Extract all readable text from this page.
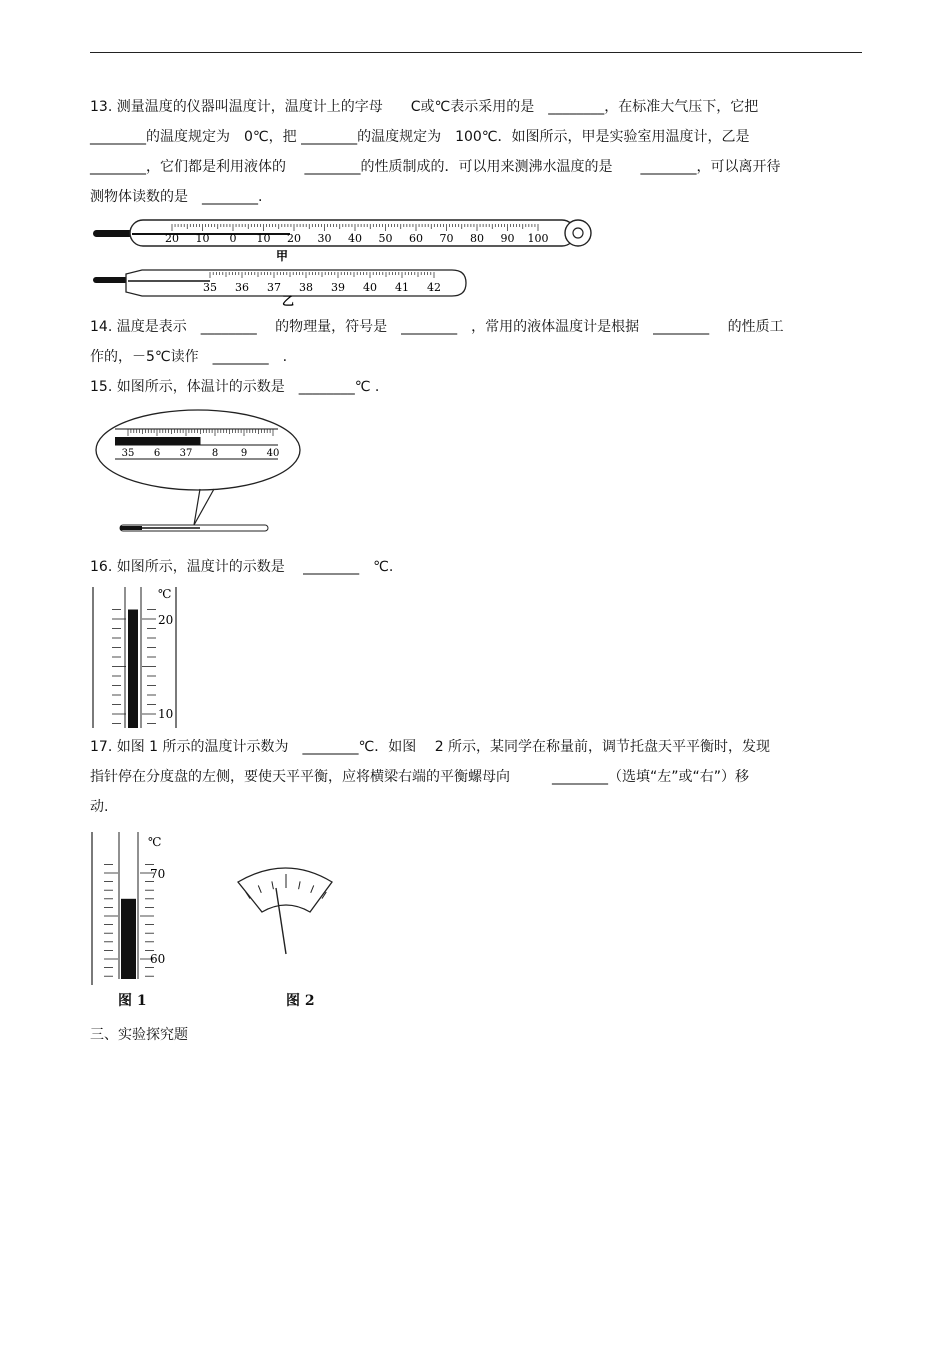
13. 测量温度的仪器叫温度计，温度计上的字母　　C或℃表示采用的是　________，在标准大气压下，它把
________的温度规定为　0℃，把 ________的温度规定为　100℃．如图所示，甲是实验室用温度计，乙是
________，它们都是利用液体的　 ________的性质制成的．可以用来测沸水温度的是　　________，可以离开待
测物体读数的是　________.
20 10 0 10 20 30 40 50 60 70 80 90 100
甲
35 36 37 38 39 40 41 42
乙
14. 温度是表示　________　 的物理量，符号是　________　，常用的液体温度计是根据　________　 的性质工
作的，－5℃读作　________　.
15. 如图所示，体温计的示数是　________℃ .
35 6 37 8 9 40
16. 如图所示，温度计的示数是　 ________　℃.
℃
20
10
17. 如图 1 所示的温度计示数为　________℃．如图　 2 所示，某同学在称量前，调节托盘天平平衡时，发现
指针停在分度盘的左侧，要使天平平衡，应将横梁右端的平衡螺母向　　　________（选填“左”或“右”）移
动.
℃
70
60
图 1	图 2
三、实验探究题
